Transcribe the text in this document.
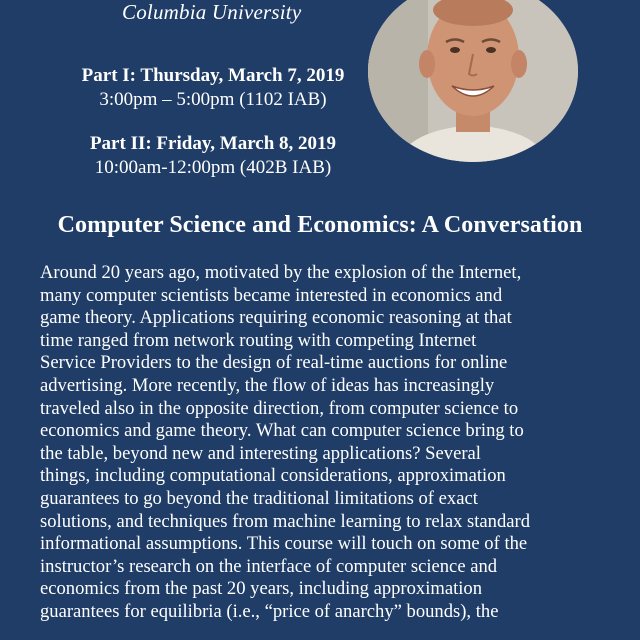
Columbia University
Part I: Thursday, March 7, 2019
3:00pm – 5:00pm (1102 IAB)
Part II: Friday, March 8, 2019
10:00am-12:00pm (402B IAB)
Computer Science and Economics: A Conversation
Around 20 years ago, motivated by the explosion of the Internet,
many computer scientists became interested in economics and
game theory. Applications requiring economic reasoning at that
time ranged from network routing with competing Internet
Service Providers to the design of real-time auctions for online
advertising. More recently, the flow of ideas has increasingly
traveled also in the opposite direction, from computer science to
economics and game theory. What can computer science bring to
the table, beyond new and interesting applications? Several
things, including computational considerations, approximation
guarantees to go beyond the traditional limitations of exact
solutions, and techniques from machine learning to relax standard
informational assumptions. This course will touch on some of the
instructor’s research on the interface of computer science and
economics from the past 20 years, including approximation
guarantees for equilibria (i.e., “price of anarchy” bounds), the
